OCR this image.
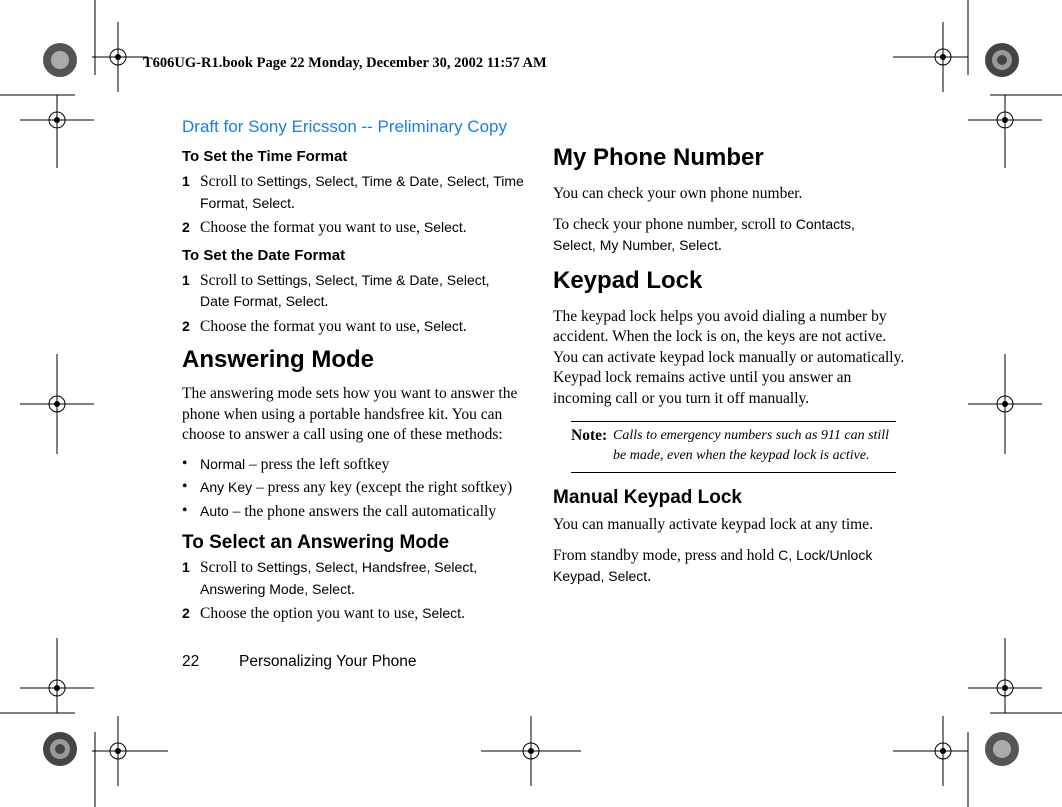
T606UG-R1.book Page 22 Monday, December 30, 2002 11:57 AM
Draft for Sony Ericsson -- Preliminary Copy
To Set the Time Format
1 Scroll to Settings, Select, Time & Date, Select, Time Format, Select.
2 Choose the format you want to use, Select.
To Set the Date Format
1 Scroll to Settings, Select, Time & Date, Select,
Date Format, Select.
2 Choose the format you want to use, Select.
Answering Mode

The answering mode sets how you want to answer the phone when using a portable handsfree kit. You can choose to answer a call using one of these methods:

• Normal – press the left softkey
• Any Key – press any key (except the right softkey)
• Auto – the phone answers the call automatically
To Select an Answering Mode
1 Scroll to Settings, Select, Handsfree, Select,
Answering Mode, Select.
2 Choose the option you want to use, Select.
My Phone Number

You can check your own phone number.

To check your phone number, scroll to Contacts,
Select, My Number, Select.

Keypad Lock

The keypad lock helps you avoid dialing a number by accident. When the lock is on, the keys are not active. You can activate keypad lock manually or automatically. Keypad lock remains active until you answer an incoming call or you turn it off manually.

Note: Calls to emergency numbers such as 911 can still be made, even when the keypad lock is active.
Manual Keypad Lock

You can manually activate keypad lock at any time.

From standby mode, press and hold C, Lock/Unlock Keypad, Select.

22	Personalizing Your Phone
